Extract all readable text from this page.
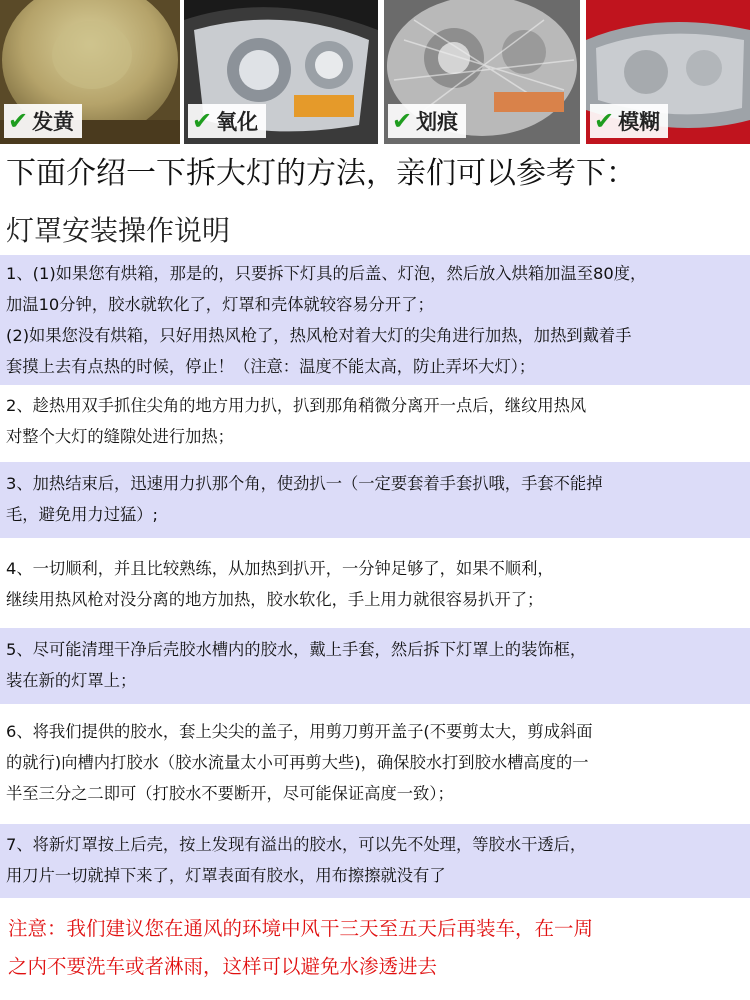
✔ 发黄	✔ 氧化	✔ 划痕	✔ 模糊
下面介绍一下拆大灯的方法，亲们可以参考下：
灯罩安装操作说明

1、(1)如果您有烘箱，那是的，只要拆下灯具的后盖、灯泡，然后放入烘箱加温至80度，

加温10分钟，胶水就软化了，灯罩和壳体就较容易分开了；

(2)如果您没有烘箱，只好用热风枪了，热风枪对着大灯的尖角进行加热，加热到戴着手

套摸上去有点热的时候，停止！（注意：温度不能太高，防止弄坏大灯）；

2、趁热用双手抓住尖角的地方用力扒，扒到那角稍微分离开一点后，继纹用热风

对整个大灯的缝隙处进行加热；

3、加热结束后，迅速用力扒那个角，使劲扒一（一定要套着手套扒哦，手套不能掉

毛，避免用力过猛）;

4、一切顺利，并且比较熟练，从加热到扒开，一分钟足够了，如果不顺利，

继续用热风枪对没分离的地方加热，胶水软化，手上用力就很容易扒开了；

5、尽可能清理干净后壳胶水槽内的胶水，戴上手套，然后拆下灯罩上的装饰框，

装在新的灯罩上；

6、将我们提供的胶水，套上尖尖的盖子，用剪刀剪开盖子(不要剪太大，剪成斜面

的就行)向槽内打胶水（胶水流量太小可再剪大些)，确保胶水打到胶水槽高度的一

半至三分之二即可（打胶水不要断开，尽可能保证高度一致）；

7、将新灯罩按上后壳，按上发现有溢出的胶水，可以先不处理，等胶水干透后，

用刀片一切就掉下来了，灯罩表面有胶水，用布擦擦就没有了

注意：我们建议您在通风的环境中风干三天至五天后再装车，在一周

之内不要洗车或者淋雨，这样可以避免水渗透进去
